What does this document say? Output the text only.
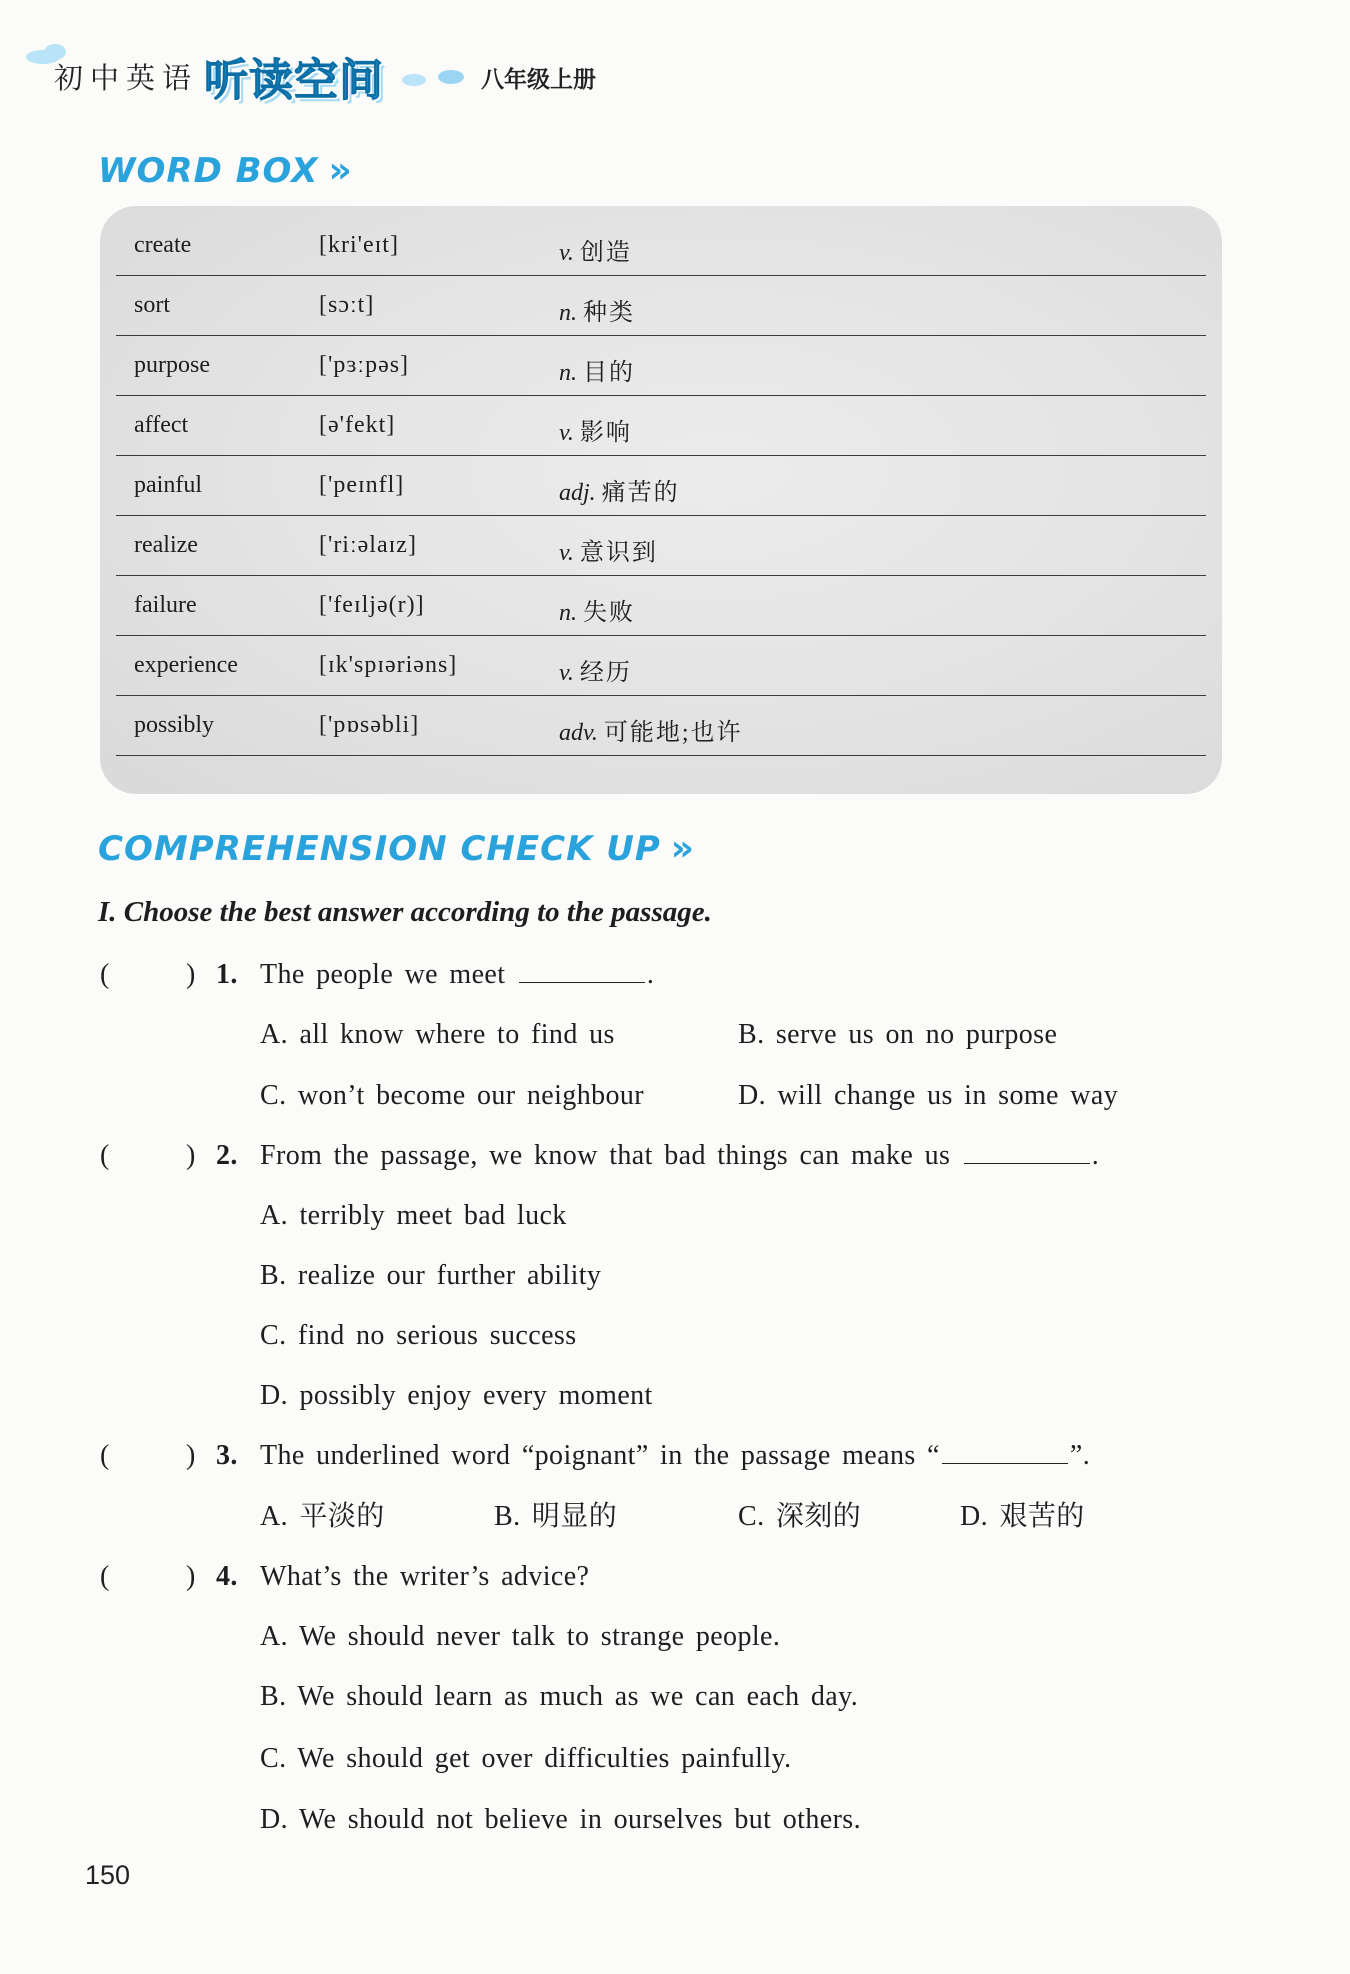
初中英语 听读空间	八年级上册
WORD BOX »
create	[kri'eɪt]	v. 创造
sort	[sɔːt]	n. 种类
purpose	['pɜːpəs]	n. 目的
affect	[ə'fekt]	v. 影响
painful	['peɪnfl]	adj. 痛苦的
realize	['riːəlaɪz]	v. 意识到
failure	['feɪljə(r)]	n. 失败
experience	[ɪk'spɪəriəns]	v. 经历
possibly	['pɒsəbli]	adv. 可能地;也许
COMPREHENSION CHECK UP »
I. Choose the best answer according to the passage.
(	) 1. The people we meet	.
A. all know where to find us	B. serve us on no purpose
C. won’t become our neighbour	D. will change us in some way
(	) 2. From the passage, we know that bad things can make us	.
A. terribly meet bad luck
B. realize our further ability
C. find no serious success
D. possibly enjoy every moment
(	) 3. The underlined word “poignant” in the passage means “	”.
A. 平淡的	B. 明显的	C. 深刻的	D. 艰苦的
(	) 4. What’s the writer’s advice?
A. We should never talk to strange people.
B. We should learn as much as we can each day.
C. We should get over difficulties painfully.
D. We should not believe in ourselves but others.
150
